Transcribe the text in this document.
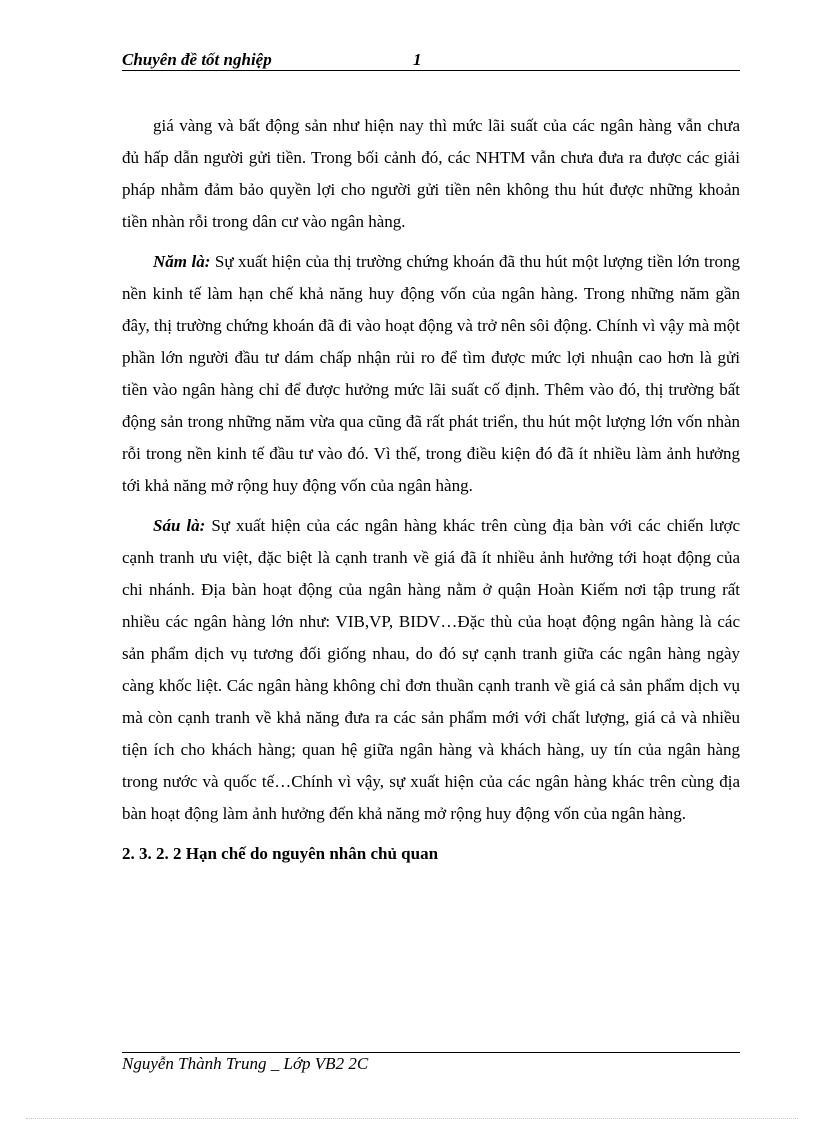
Chuyên đề tốt nghiệp	1

giá vàng và bất động sản như hiện nay thì mức lãi suất của các ngân hàng vẫn chưa đủ hấp dẫn người gửi tiền. Trong bối cảnh đó, các NHTM vẫn chưa đưa ra được các giải pháp nhằm đảm bảo quyền lợi cho người gửi tiền nên không thu hút được những khoản tiền nhàn rỗi trong dân cư vào ngân hàng.

Năm là: Sự xuất hiện của thị trường chứng khoán đã thu hút một lượng tiền lớn trong nền kinh tế làm hạn chế khả năng huy động vốn của ngân hàng. Trong những năm gần đây, thị trường chứng khoán đã đi vào hoạt động và trở nên sôi động. Chính vì vậy mà một phần lớn người đầu tư dám chấp nhận rủi ro để tìm được mức lợi nhuận cao hơn là gửi tiền vào ngân hàng chỉ để được hưởng mức lãi suất cố định. Thêm vào đó, thị trường bất động sản trong những năm vừa qua cũng đã rất phát triển, thu hút một lượng lớn vốn nhàn rỗi trong nền kinh tế đầu tư vào đó. Vì thế, trong điều kiện đó đã ít nhiều làm ảnh hưởng tới khả năng mở rộng huy động vốn của ngân hàng.

Sáu là: Sự xuất hiện của các ngân hàng khác trên cùng địa bàn với các chiến lược cạnh tranh ưu việt, đặc biệt là cạnh tranh về giá đã ít nhiều ảnh hưởng tới hoạt động của chi nhánh. Địa bàn hoạt động của ngân hàng nằm ở quận Hoàn Kiếm nơi tập trung rất nhiều các ngân hàng lớn như: VIB,VP, BIDV…Đặc thù của hoạt động ngân hàng là các sản phẩm dịch vụ tương đối giống nhau, do đó sự cạnh tranh giữa các ngân hàng ngày càng khốc liệt. Các ngân hàng không chỉ đơn thuần cạnh tranh về giá cả sản phẩm dịch vụ mà còn cạnh tranh về khả năng đưa ra các sản phẩm mới với chất lượng, giá cả và nhiều tiện ích cho khách hàng; quan hệ giữa ngân hàng và khách hàng, uy tín của ngân hàng trong nước và quốc tế…Chính vì vậy, sự xuất hiện của các ngân hàng khác trên cùng địa bàn hoạt động làm ảnh hưởng đến khả năng mở rộng huy động vốn của ngân hàng.

2. 3. 2. 2 Hạn chế do nguyên nhân chủ quan

Nguyễn Thành Trung _ Lớp VB2 2C
